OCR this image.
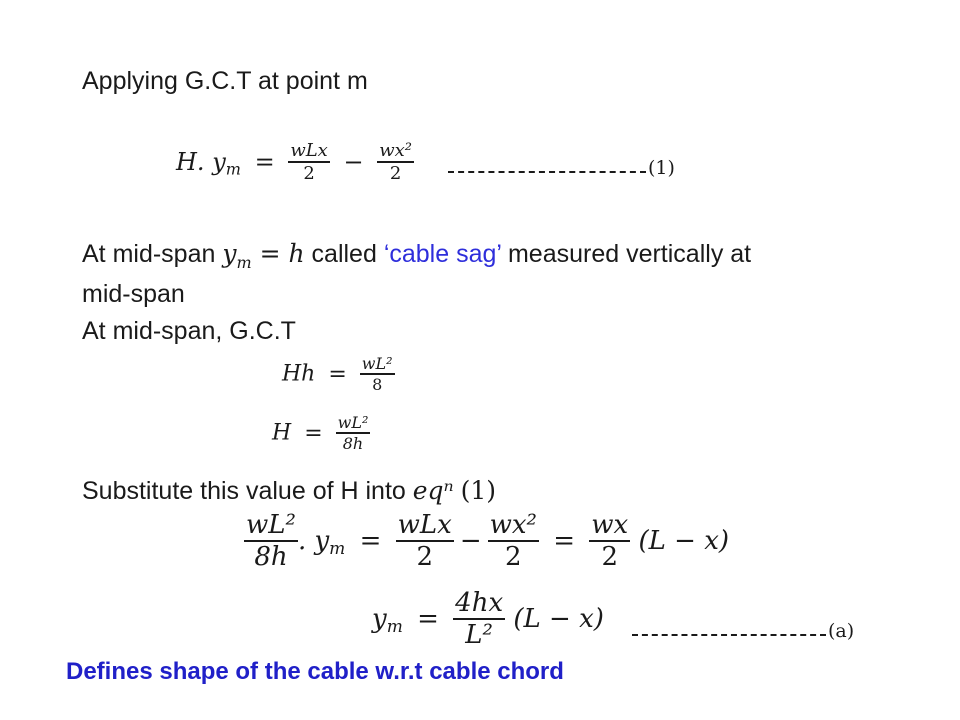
Applying G.C.T at point m
H. $y_m = \frac{\text{wLx}}{2} - \frac{\text{wx²}}{2}$	(1)
At mid-span $y_m = h$ called ‘cable sag’ measured vertically at
mid-span
At mid-span, G.C.T
$Hh = \frac{\text{wL²}}{8}$
$H = \frac{\text{wL²}}{8h}$
Substitute this value of H into eqⁿ (1)
$\frac{\text{wL²}}{8h}$ . $y_m = \frac{\text{wLx}}{2} - \frac{\text{wx²}}{2} = \frac{wx}{2} (L - x)$
$y_m = \frac{4hx}{\text{L²}} (L - x)$	(a)
Defines shape of the cable w.r.t cable chord
